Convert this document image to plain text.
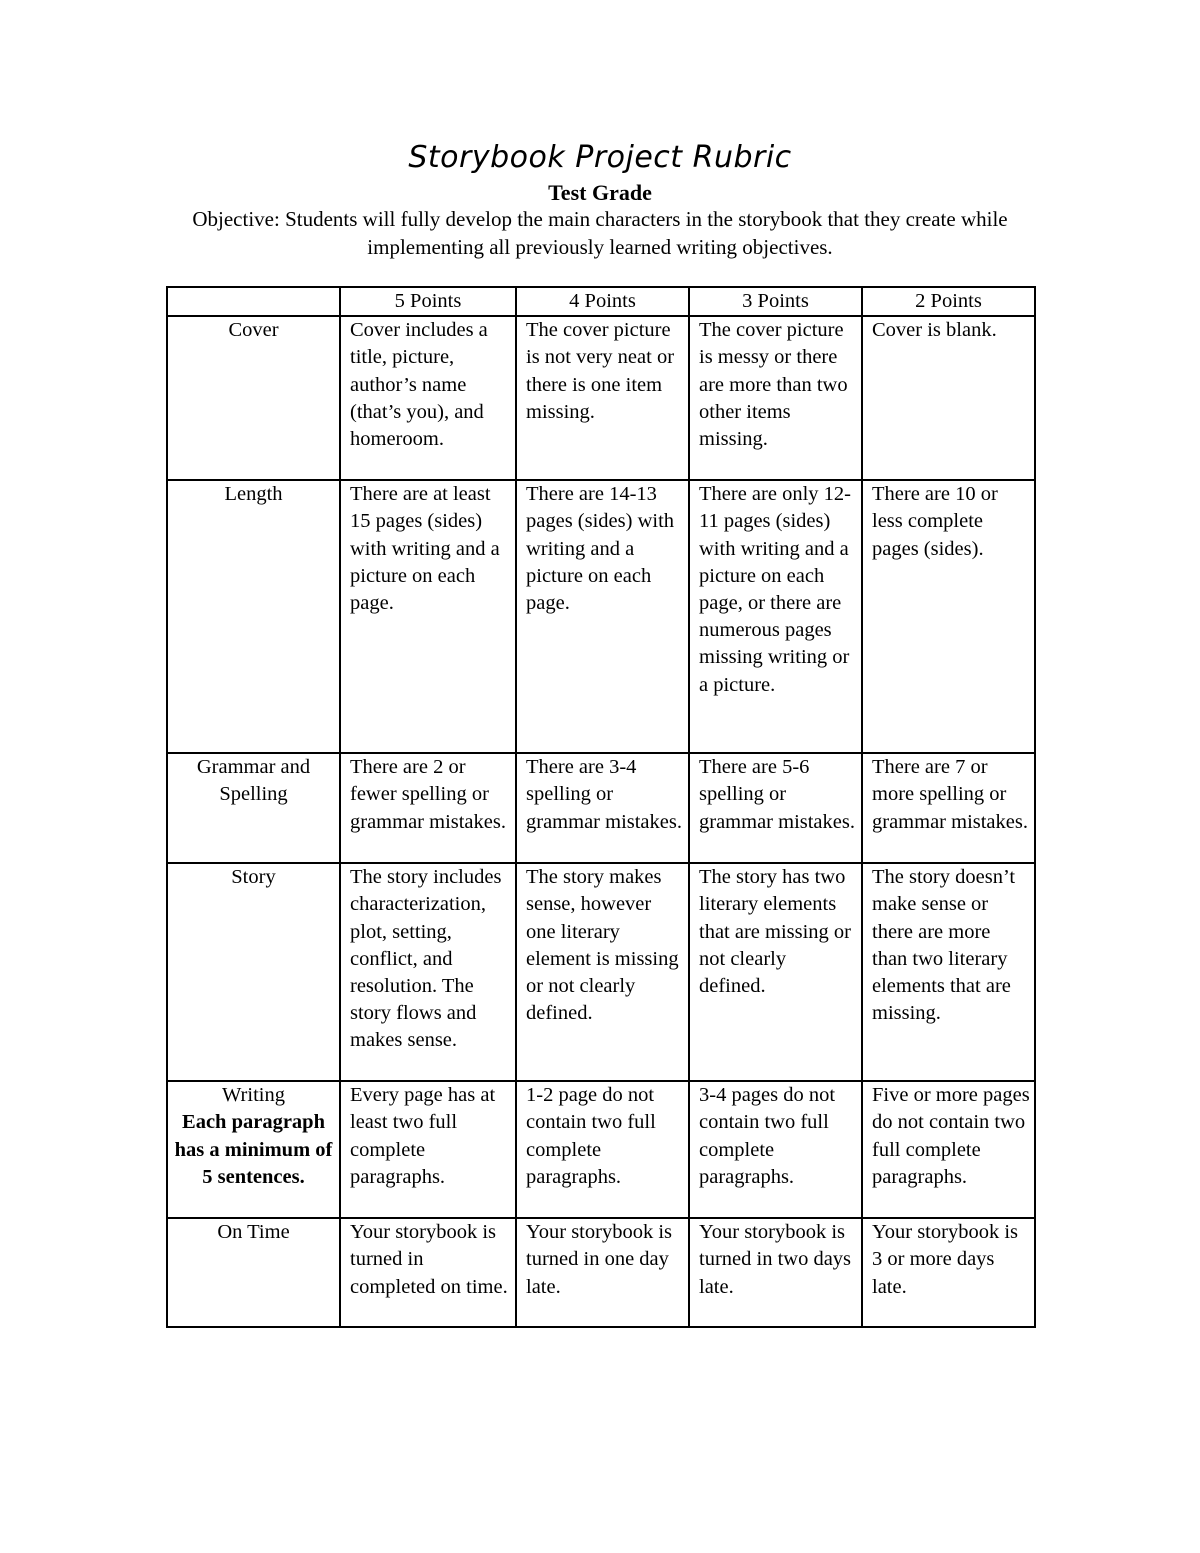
Storybook Project Rubric
Test Grade
Objective: Students will fully develop the main characters in the storybook that they create while implementing all previously learned writing objectives.
	5 Points	4 Points	3 Points	2 Points
Cover	Cover includes a title, picture, author’s name (that’s you), and homeroom.	The cover picture is not very neat or there is one item missing.	The cover picture is messy or there are more than two other items missing.	Cover is blank.
Length	There are at least 15 pages (sides) with writing and a picture on each page.	There are 14-13 pages (sides) with writing and a picture on each page.	There are only 12-11 pages (sides) with writing and a picture on each page, or there are numerous pages missing writing or a picture.	There are 10 or less complete pages (sides).
Grammar and Spelling	There are 2 or fewer spelling or grammar mistakes.	There are 3-4 spelling or grammar mistakes.	There are 5-6 spelling or grammar mistakes.	There are 7 or more spelling or grammar mistakes.
Story	The story includes characterization, plot, setting, conflict, and resolution. The story flows and makes sense.	The story makes sense, however one literary element is missing or not clearly defined.	The story has two literary elements that are missing or not clearly defined.	The story doesn’t make sense or there are more than two literary elements that are missing.
Writing
Each paragraph has a minimum of 5 sentences.	Every page has at least two full complete paragraphs.	1-2 page do not contain two full complete paragraphs.	3-4 pages do not contain two full complete paragraphs.	Five or more pages do not contain two full complete paragraphs.
On Time	Your storybook is turned in completed on time.	Your storybook is turned in one day late.	Your storybook is turned in two days late.	Your storybook is 3 or more days late.
